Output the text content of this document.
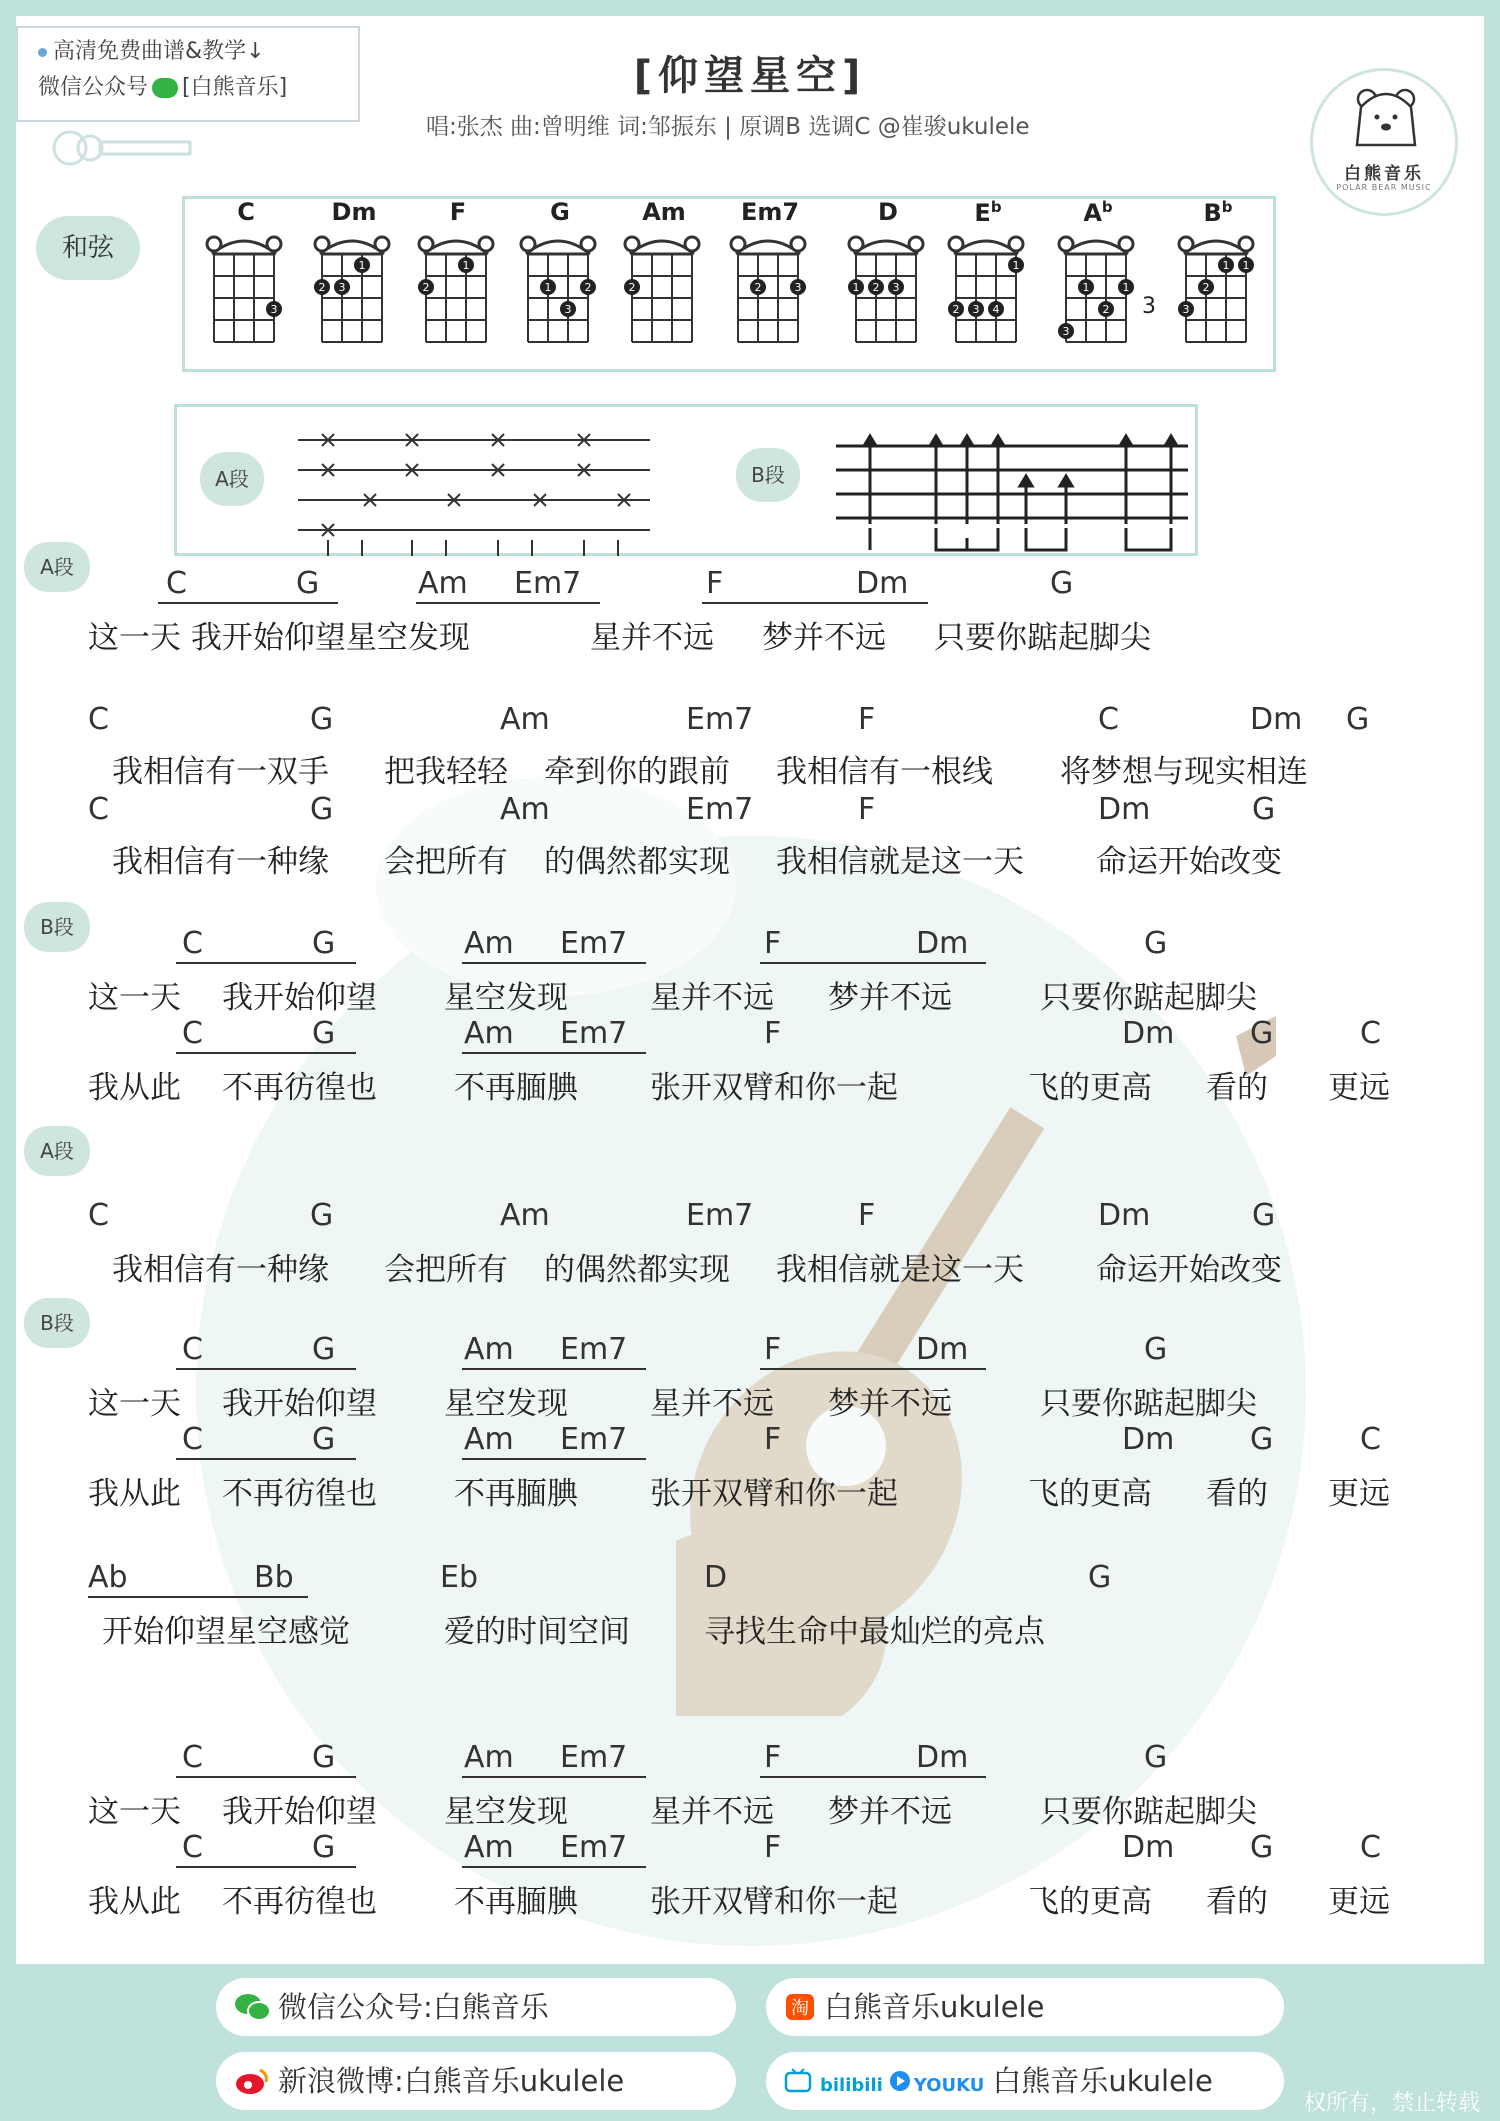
高清免费曲谱&教学↓
微信公众号 [白熊音乐]	[仰望星空]
唱:张杰 曲:曾明维 词:邹振东 | 原调B 选调C @崔骏ukulele
白熊音乐
POLAR BEAR MUSIC
和弦
C
3
Dm
2 3
1
F
2
1
G
1
3
2
Am
2
Em7
2	3
D
1 2 3
$E^b$
2 3 4
1
$A^b$
3
1
2
1
3
$B^b$
3
2
1 1
A段	B段
A段
B段
A段
B段
C	G	Am Em7	F	Dm	G
这一天 我开始仰望星空发现	星并不远 梦并不远 只要你踮起脚尖
C	G	Am	Em7	F	C	Dm G
我相信有一双手 把我轻轻 牵到你的跟前 我相信有一根线 将梦想与现实相连
C	G	Am	Em7	F	Dm	G
我相信有一种缘 会把所有 的偶然都实现 我相信就是这一天 命运开始改变
C	G	Am Em7	F	Dm	G
这一天 我开始仰望 星空发现	星并不远 梦并不远	只要你踮起脚尖
C	G	Am Em7	F	Dm	G	C
我从此 不再彷徨也 不再腼腆 张开双臂和你一起	飞的更高 看的 更远
C	G	Am	Em7	F	Dm	G
我相信有一种缘 会把所有 的偶然都实现 我相信就是这一天 命运开始改变
C	G	Am Em7	F	Dm	G
这一天 我开始仰望 星空发现	星并不远 梦并不远	只要你踮起脚尖
C	G	Am Em7	F	Dm	G	C
我从此 不再彷徨也 不再腼腆 张开双臂和你一起	飞的更高 看的 更远
Ab	Bb	Eb	D	G
开始仰望星空感觉	爱的时间空间 寻找生命中最灿烂的亮点
C	G	Am Em7	F	Dm	G
这一天 我开始仰望 星空发现	星并不远 梦并不远	只要你踮起脚尖
C	G	Am Em7	F	Dm	G	C
我从此 不再彷徨也 不再腼腆 张开双臂和你一起	飞的更高 看的 更远
微信公众号:白熊音乐	淘 白熊音乐ukulele
新浪微博:白熊音乐ukulele	bilibili YOUKU 白熊音乐ukulele
权所有，禁止转载
